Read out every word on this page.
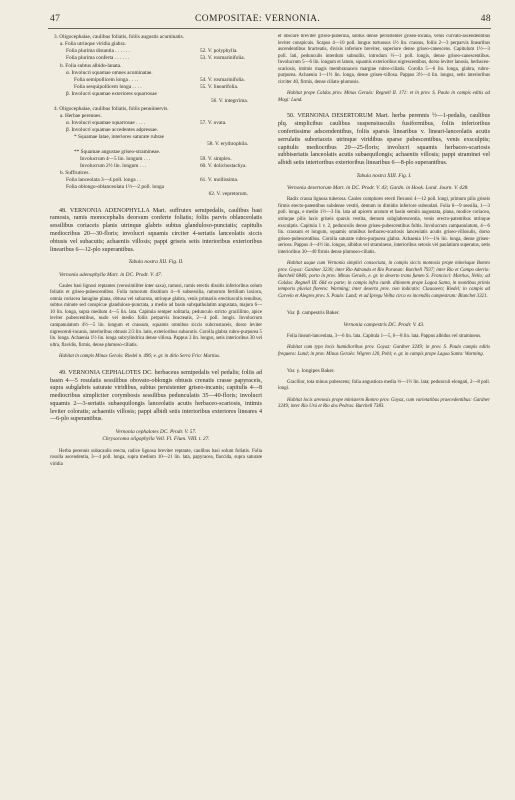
47	COMPOSITAE: VERNONIA.	48
3. Oligocephalae, caulibus foliatis, foliis augustis acuminatis.
a. Folia utrinque viridia glabra.
Folia plurima distantia . . . . . .	52. V. polyphylla.
Folia plurima conferta . . . . . .	53. V. rosmarinifolia.
b. Folia subtus albido-lanata.
α. Involucri squamae omnes acuminatae.
Folia semipollicem longa . . . .	54. V. rosmarinifolia.
Folia sesquipollicem longa . . . .	55. V. linearifolia.
β. Involucri squamae exteriores squarrosae
56. V. integrrima.
4. Oligocephalae, caulibus foliatis, foliis penniinervis.
a. Herbae perennes.
α. Involucri squamae squarrosae . . . .	57. V. ovata.
β. Involucri squamae accedentes adpressae.
* Squamae latae, interiores saturate rubrae
58. V. erythrophila.
** Squamae angustae griseo-stramineae.
Involucrum 4—5 lin. longum . . .	59. V. simplex.
Involucrum 2½ lin. longum . . .	60. V. dolichostachya.
b. Suffrutices.
Folia lanceolata 3—4 poll. longa . .	61. V. mollissima.
Folia oblongo-oblanceolata 1½—2 poll. longa
62. V. vepretorum.

48. VERNONIA ADENOPHYLLA Mart. suffrutex semipedalis, caulibus basi ramosis, ramis monocephalis deorsum conferte foliatis; foliis parvis oblanceolatis sessilibus coriaceis planis utrinque glabris subtus glanduloso-punctatis; capitulis mediocribus 20—30-floris; involucri squamis circiter 4-seriatis lanceolatis siccis obtusis vel subacutis; achaeniis villosis; pappi griseis setis interioribus exterioribus linearibus 6—12-plo superantibus.

Tabula nostra XII. Fig. II.

Vernonia adenophylla Mart. in DC. Prodr. V. 47.

Caules basi lignosi reptantes (verosimiliter inter saxa), ramosi, ramis erectis dissitis inferioribus solum foliatis et griseo-pubescentibus. Folia ramorum dissitium 4—6 subsessilia, ramorum fertilium laxiora, omnia coriacea lanugine plana, obtusa vel subacuta, utrinque glabra, venis primariis erectiusculis tenuibus, subtus minute sed conspicue glanduloso-punctata, a medio ad basin subspathulatim angustata, majora 6—10 lin. longa, supra medium 4—5 lin. lata. Capitula semper solitaria, pedunculo stricto gracillimo, apice leviter pubescentibus, nudo vel medio foliis perparvis bracteatis, 2—4 poll. longis. Involucrum campanulatum 4½—5 lin. longum et crassum, squamis omnibus siccis subcrustaceis, dorso leviter nigrescenti-incanis, interioribus obtusis 2/3 lin. latis, exterioribus subacutis. Corolla glabra rubro-purpurea 5 lin. longa. Achaenia 1½ lin. longa subcylindrica dense villosa. Pappus 3 lin. longus, setis interioribus 30 vel ultra, flavidis, firmis, dense plumoso-ciliatis.

Habitat in campis Minas Gerais: Riedel n. 496; e. gr. in ditio Serra Frio: Martius.

49. VERNONIA CEPHALOTES DC. herbaceus semipedalis vel pedalis; foliis ad basin 4—5 rosulatis sessilibus obovato-oblongis obtusis crenatis crasse papyraceis, supra subglabris saturate viridibus, subtus persistenter griseo-incanis; capitulis 4—8 mediocribus simpliciter corymbosis sessilibus pedunculatis 35—40-floris; involucri squamis 2—3-seriatis subaequilongis lanceolatis acutis herbaceo-scariosis, intimis leviter coloratis; achaeniis villosis; pappi albidi setis interioribus exteriores lineares 4—6-plo superantibus.

Vernonia cephalotes DC. Prodr. V. 57.

Chrysocoma oligophylla Vell. Fl. Flum. VIII. t. 27.

Herba perennis subacaulis erecta, radice lignosa breviter reptante, caulibus basi solum foliatis. Folia rosulla ascendentia, 3—4 poll. longa, supra medium 10—21 lin. lata, papyracea, flaccida, supra saturate viridia

et obscure breviter griseo-puberula, subtus dense persistenter griseo-incana, venis curvato-ascendentibus leviter conspicuis. Scapus 4—10 poll. longus tortuosus 1½ lin. crassus, foliis 2—3 perparvis linearibus ascendentibus bracteatis, divisis inferiore breviter, superiore dense griseo-canescens. Capitulum 1½—3 poll. lati, pedunculis interdum subnullis, introdum ½—1 poll. longis, dense griseo-canescentibus. Involucrum 5—6 lin. longum et latum, squamis exterioribus nigrescentibus, dorso leviter lanosis, herbaceo-scariosis, intimis magis membranaceis margine rubro-ciliatis. Corolla 5—6 lin. longa, glabra, rubro-purpurea. Achaenia 1—1½ lin. longa, dense griseo-villosa. Pappus 3½—4 lin. longus, setis interioribus circiter 40, firmis, dense ciliato-plumosis.

Habitat prope Caldas prov. Minas Geraës: Regnell II. 171: et in prov. S. Paulo in campis editis ad Mogi: Lund.

50. VERNONIA DESERTORUM Mart. herba perennis ½—1-pedalis, caulibus plq. simplicibus caulibus suspensiusculis fusiformibus, foliis inferioribus confertissime adscendentibus, foliis sparsis linearibus v. lineari-lanceolatis acutis serrulatis suboriaceis utrinque viridibus sparse pubescentibus, venis exsculptis; capitulis mediocribus 20—25-floris; involucri squamis herbaceo-scariosis subbiseriatis lanceolatis acutis subaequilongis; achaeniis villosis; pappi straminei vel albidi setis interioribus exterioribus linearibus 6—8-plo superantibus.

Tabula nostra XIII. Fig. I.

Vernonia desertorum Mart. in DC. Prodr. V. 43; Gardn. in Hook. Lond. Journ. V. 428.

Radix crassa lignosa tuberosa. Caules complures erecti flexuosi 4—12 poll. longi, primum pilis griseis firmis erecto-patentibus subdense vestiti, demum in dimidio inferiore subnudati. Folia 6—9 sessilia, 1—3 poll. longa, e medio 1½—3 lin. lata ad apicem acutum et basin semiin augustata, plana, modice coriacea, utrinque pilis laxis griseis sparsis vestita, demum subglabrescentia, venis erecto-patentibus utrinque exsculptis. Capitula 1 v. 2, pedunculis dense griseo-pubescentibus fultis. Involucrum campanulatum, 4—6 lin. crassum et longum, squamis omnibus herbaceo-scariosis lanceolatis acutis griseo-villosulis, dorso griseo-pubescentibus. Corolla saturate rubro-purpurea glabra. Achaenia 1½—1¾ lin. longa, dense griseo-sericea. Pappus 4—4½ lin. longus, albidus vel stramineus, interioribus setosis vel paulatium superatus, setis interioribus 30—40 firmis dense plumoso-ciliatis.

Habitat usque cum Vernonia simplici consociata, in campis siccis montosis prope mineisque Bomro prov. Goyaz: Gardner 3230; inter Rio Adranda et Rio Paranan: Burchell 7937; inter Rio et Campo alertio: Burchell 6846; porto in prov. Minas Geraës, e. gr. in deserto trans fumen S. Francisci: Martius, Nello; ad Caldas: Regnell III. 664 ex parte; in campis infra cumb. ditionem prope Lagoa Santa, in montibus primis temporis pluviat florens: Warming; inter deserta prov. non indicatis: Clausseen; Riedel; in campis ad Curvelo et Alegres prov. S. Paulo: Lund; et ad Ipregu Velha circa ex incendiis campestrum: Blanchet 3321.

Var. β. campestris Baker.

Vernonia campestris DC. Prodr. V. 43.

Folia lineari-lanceolata, 3—6 lin. lata. Capitula 1—5, 6—8 lin. lata. Pappus albidus vel stramineus.

Habitat cum typo locis humidioribus prov. Goyaz: Gardner 3249; in prov. S. Paulo campis editis frequens: Lund; in prov. Minas Geraës: Wigren 120, Pohl; e. gr. in campis prope Lagoa Santa: Warming.

Var. γ. longipes Baker.

Gracilior, tota minus pubescens; folia angustiora media ⅓—1½ lin. lata; pedunculi elongati, 2—8 poll. longi.

Habitat locis arenosis prope ministerm Bomro prov. Goyaz, cum varietatibus praecedentibus: Gardner 3249; inter Rio Urú et Rio dos Pedras: Burchell 7383.
